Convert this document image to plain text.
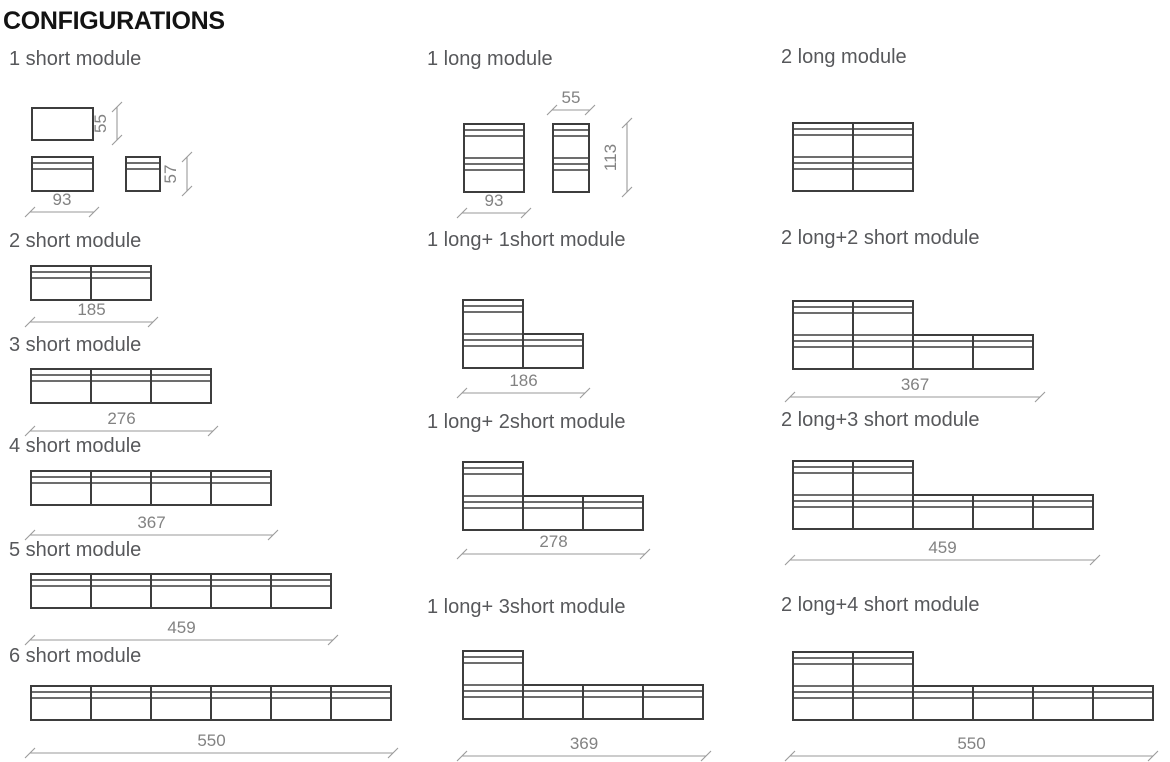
CONFIGURATIONS
1 short module
2 short module
3 short module
4 short module
5 short module
6 short module
1 long module
1 long+ 1short module
1 long+ 2short module
1 long+ 3short module
2 long module
2 long+2 short module
2 long+3 short module
2 long+4 short module
55
57
93
185
276
367
459
550
55
113
93
186
278
369
367
459
550
